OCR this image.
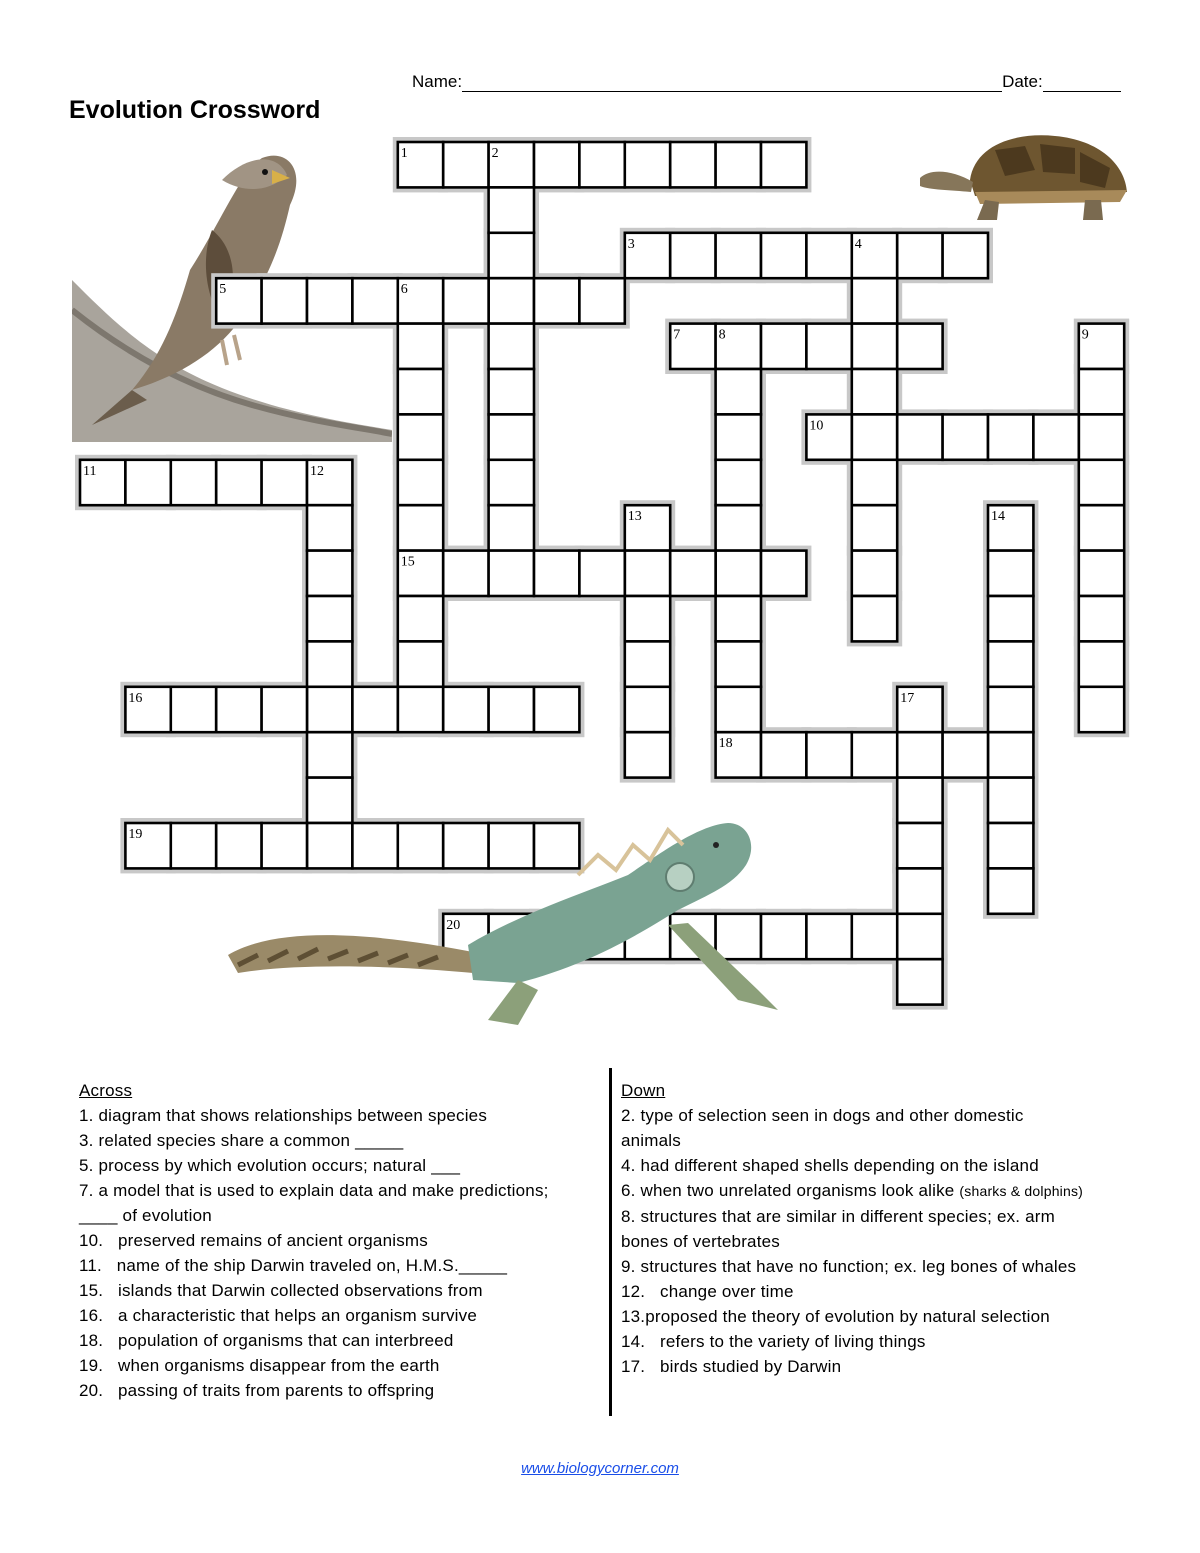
Name:	Date:
Evolution Crossword
1	2
3	4
5	6
15
7	8
18
9
10
11	12
13	14
16	17
19
20
Across
1. diagram that shows relationships between species
3. related species share a common _____
5. process by which evolution occurs; natural ___
7. a model that is used to explain data and make predictions;
____ of evolution
10.   preserved remains of ancient organisms
11.   name of the ship Darwin traveled on, H.M.S._____
15.   islands that Darwin collected observations from
16.   a characteristic that helps an organism survive
18.   population of organisms that can interbreed
19.   when organisms disappear from the earth
20.   passing of traits from parents to offspring
Down
2. type of selection seen in dogs and other domestic
animals
4. had different shaped shells depending on the island
6. when two unrelated organisms look alike (sharks & dolphins)
8. structures that are similar in different species; ex. arm
bones of vertebrates
9. structures that have no function; ex. leg bones of whales
12.   change over time
13.proposed the theory of evolution by natural selection
14.   refers to the variety of living things
17.   birds studied by Darwin
www.biologycorner.com
